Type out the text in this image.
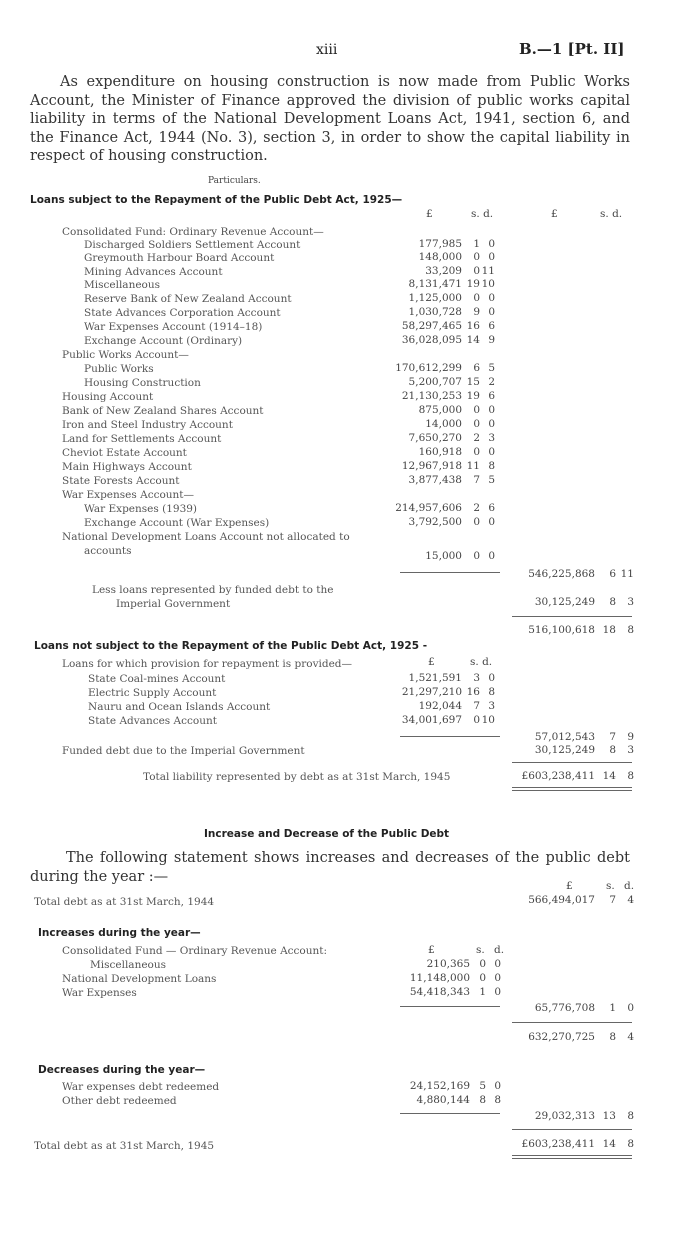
xiii	B.—1 [Pt. II]
As expenditure on housing construction is now made from Public Works Account, the Minister of Finance approved the division of public works capital liability in terms of the National Development Loans Act, 1941, section 6, and the Finance Act, 1944 (No. 3), section 3, in order to show the capital liability in respect of housing construction.
Particulars.
Loans subject to the Repayment of the Public Debt Act, 1925—
£	s. d.	£	s. d.
Consolidated Fund: Ordinary Revenue Account—
Discharged Soldiers Settlement Account	177,985 1 0
Greymouth Harbour Board Account	148,000 0 0
Mining Advances Account	33,209 0 11
Miscellaneous	8,131,471 19 10
Reserve Bank of New Zealand Account	1,125,000 0 0
State Advances Corporation Account	1,030,728 9 0
War Expenses Account (1914–18)	58,297,465 16 6
Exchange Account (Ordinary)	36,028,095 14 9
Public Works Account—
Public Works	170,612,299 6 5
Housing Construction	5,200,707 15 2
Housing Account	21,130,253 19 6
Bank of New Zealand Shares Account	875,000 0 0
Iron and Steel Industry Account	14,000 0 0
Land for Settlements Account	7,650,270 2 3
Cheviot Estate Account	160,918 0 0
Main Highways Account	12,967,918 11 8
State Forests Account	3,877,438 7 5
War Expenses Account—
War Expenses (1939)	214,957,606 2 6
Exchange Account (War Expenses)	3,792,500 0 0
National Development Loans Account not allocated to
accounts	15,000 0 0
546,225,868 6 11
Less loans represented by funded debt to the
Imperial Government	30,125,249 8 3
516,100,618 18 8
Loans not subject to the Repayment of the Public Debt Act, 1925 -
Loans for which provision for repayment is provided—	£	s. d.
State Coal-mines Account	1,521,591 3 0
Electric Supply Account	21,297,210 16 8
Nauru and Ocean Islands Account	192,044 7 3
State Advances Account	34,001,697 0 10
57,012,543 7 9
Funded debt due to the Imperial Government	30,125,249 8 3
Total liability represented by debt as at 31st March, 1945	£603,238,411 14 8
Increase and Decrease of the Public Debt
The following statement shows increases and decreases of the public debt during the year :—
£	s. d.
Total debt as at 31st March, 1944	566,494,017 7 4
Increases during the year—
Consolidated Fund — Ordinary Revenue Account:	£	s. d.
Miscellaneous	210,365 0 0
National Development Loans	11,148,000 0 0
War Expenses	54,418,343 1 0
65,776,708 1 0
632,270,725 8 4
Decreases during the year—
War expenses debt redeemed	24,152,169 5 0
Other debt redeemed	4,880,144 8 8
29,032,313 13 8
Total debt as at 31st March, 1945	£603,238,411 14 8
